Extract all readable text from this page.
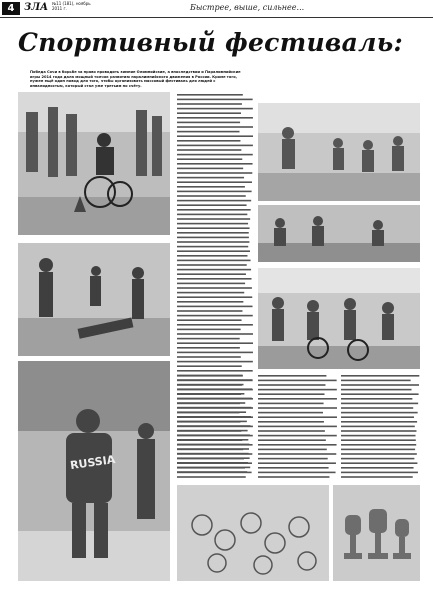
4 ЗЛА №11 (181), ноябрь 2011 г.	Быстрее, выше, сильнее...
Спортивный фестиваль:
Победа Сочи в борьбе за право проводить зимние Олимпийские, а впоследствии и Паралимпийские игры 2014 года дала мощный толчок развитию паралимпийского движения в России. Кроме того, нужен ещё один повод для того, чтобы организовать массовый фестиваль для людей с инвалидностью, который стал уже третьим по счёту.
RUSSIA
